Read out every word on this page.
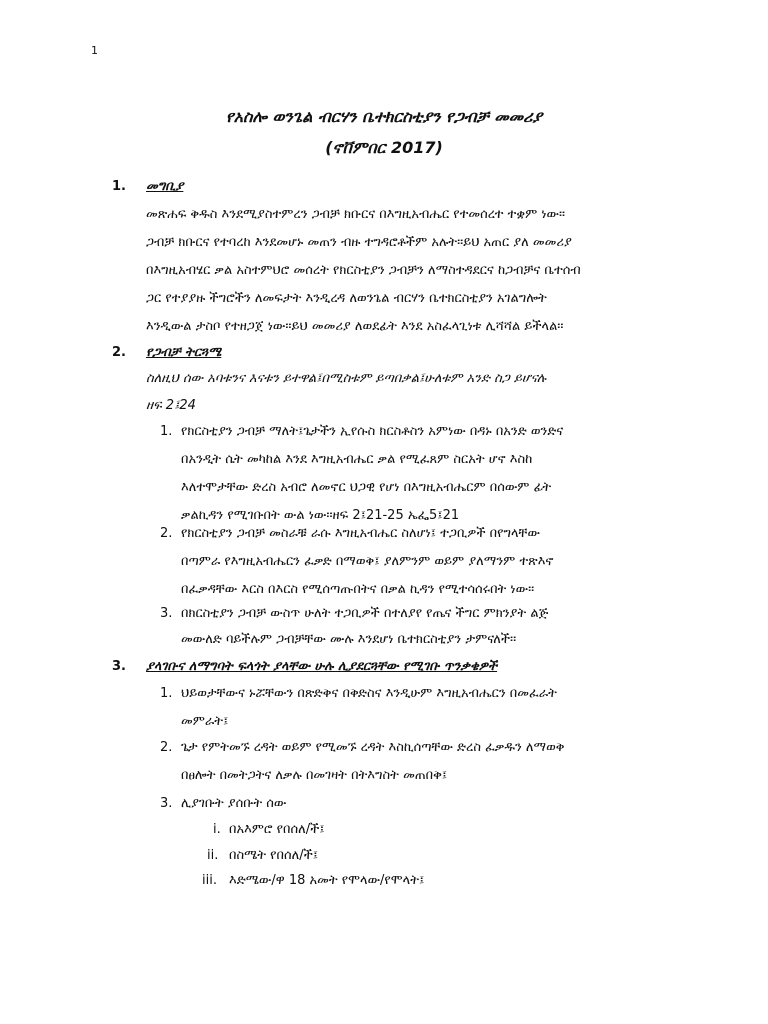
1
የአስሎ ወንጌል ብርሃን ቤተክርስቲያን የጋብቻ መመሪያ
(ኖቨምበር 2017)
1. መግቢያ
መጽሐፍ ቅዱስ እንደሚያስተምረን ጋብቻ ክቡርና በእግዚአብሔር የተመሰረተ ተቋም ነው፡፡
ጋብቻ ክቡርና የተባረከ እንደመሆኑ መጠን ብዙ ተግዳሮቶችም አሉት፡፡ይህ አጠር ያለ መመሪያ
በእግዚአብሄር ቃል አስተምህሮ መሰረት የክርስቲያን ጋብቻን ለማስተዳደርና ከጋብቻና ቤተሰብ
ጋር የተያያዙ ችግሮችን ለመፍታት እንዲረዳ ለወንጌል ብርሃን ቤተክርስቲያን አገልግሎት
እንዲውል ታስቦ የተዘጋጀ ነው፡፡ይህ መመሪያ ለወደፊት እንደ አስፈላጊነቱ ሊሻሻል ይችላል፡፡
2. የጋብቻ ትርጓሜ
ስለዚህ ሰው አባቱንና እናቱን ይተዋል፤በሚስቱም ይጣበቃል፤ሁለቱም አንድ ስጋ ይሆናሉ
ዘፍ 2፤24
1. የክርስቲያን ጋብቻ ማለት፤ጌታችን ኢየሱስ ክርስቶስን አምነው በዳኑ በአንድ ወንድና
በአንዲት ሴት መካከል እንደ እግዚአብሔር ቃል የሚፈጸም ስርአት ሆኖ እስከ
እለተሞታቸው ድረስ አብሮ ለመኖር ህጋዊ የሆነ በእግዚአብሔርም በሰውም ፊት
ቃልኪዳን የሚገቡበት ውል ነው፡፡ዘፍ 2፤21-25 ኤፌ5፤21
2. የክርስቲያን ጋብቻ መስራቹ ራሱ እግዚአብሔር ስለሆነ፤ ተጋቢዎች በየግላቸው
በጣምራ የእግዚአብሔርን ፈቃድ በማወቅ፤ ያለምንም ወይም ያለማንም ተጽእኖ
በፈቃዳቸው እርስ በእርስ የሚሰጣጡበትና በቃል ኪዳን የሚተሳሰሩበት ነው፡፡
3. በክርስቲያን ጋብቻ ውስጥ ሁለት ተጋቢዎች በተለያየ የጤና ችግር ምክንያት ልጅ
መውለድ ባይችሉም ጋብቻቸው ሙሉ እንደሆነ ቤተክርስቲያን ታምናለች፡፡
3. ያላገቡና ለማግባት ፍላጎት ያላቸው ሁሉ ሊያደርጓቸው የሚገቡ ጥንቃቄዎች
1. ህይወታቸውና ኑሯቸውን በጽድቅና በቅድስና እንዲሁም እግዚአብሔርን በመፈራት
መምራት፤
2. ጌታ የምትመኙ ረዳት ወይም የሚመኙ ረዳት እስኪሰጣቸው ድረስ ፈቃዱን ለማወቅ
በፀሎት በመትጋትና ለቃሉ በመገዛት በትእግስት መጠበቅ፤
3. ሊያገቡት ያሰቡት ሰው
i. በአእምሮ የበሰለ/ች፤
ii. በስሜት የበሰለ/ች፤
iii. እድሜው/ዋ 18 አመት የሞላው/የሞላት፤
